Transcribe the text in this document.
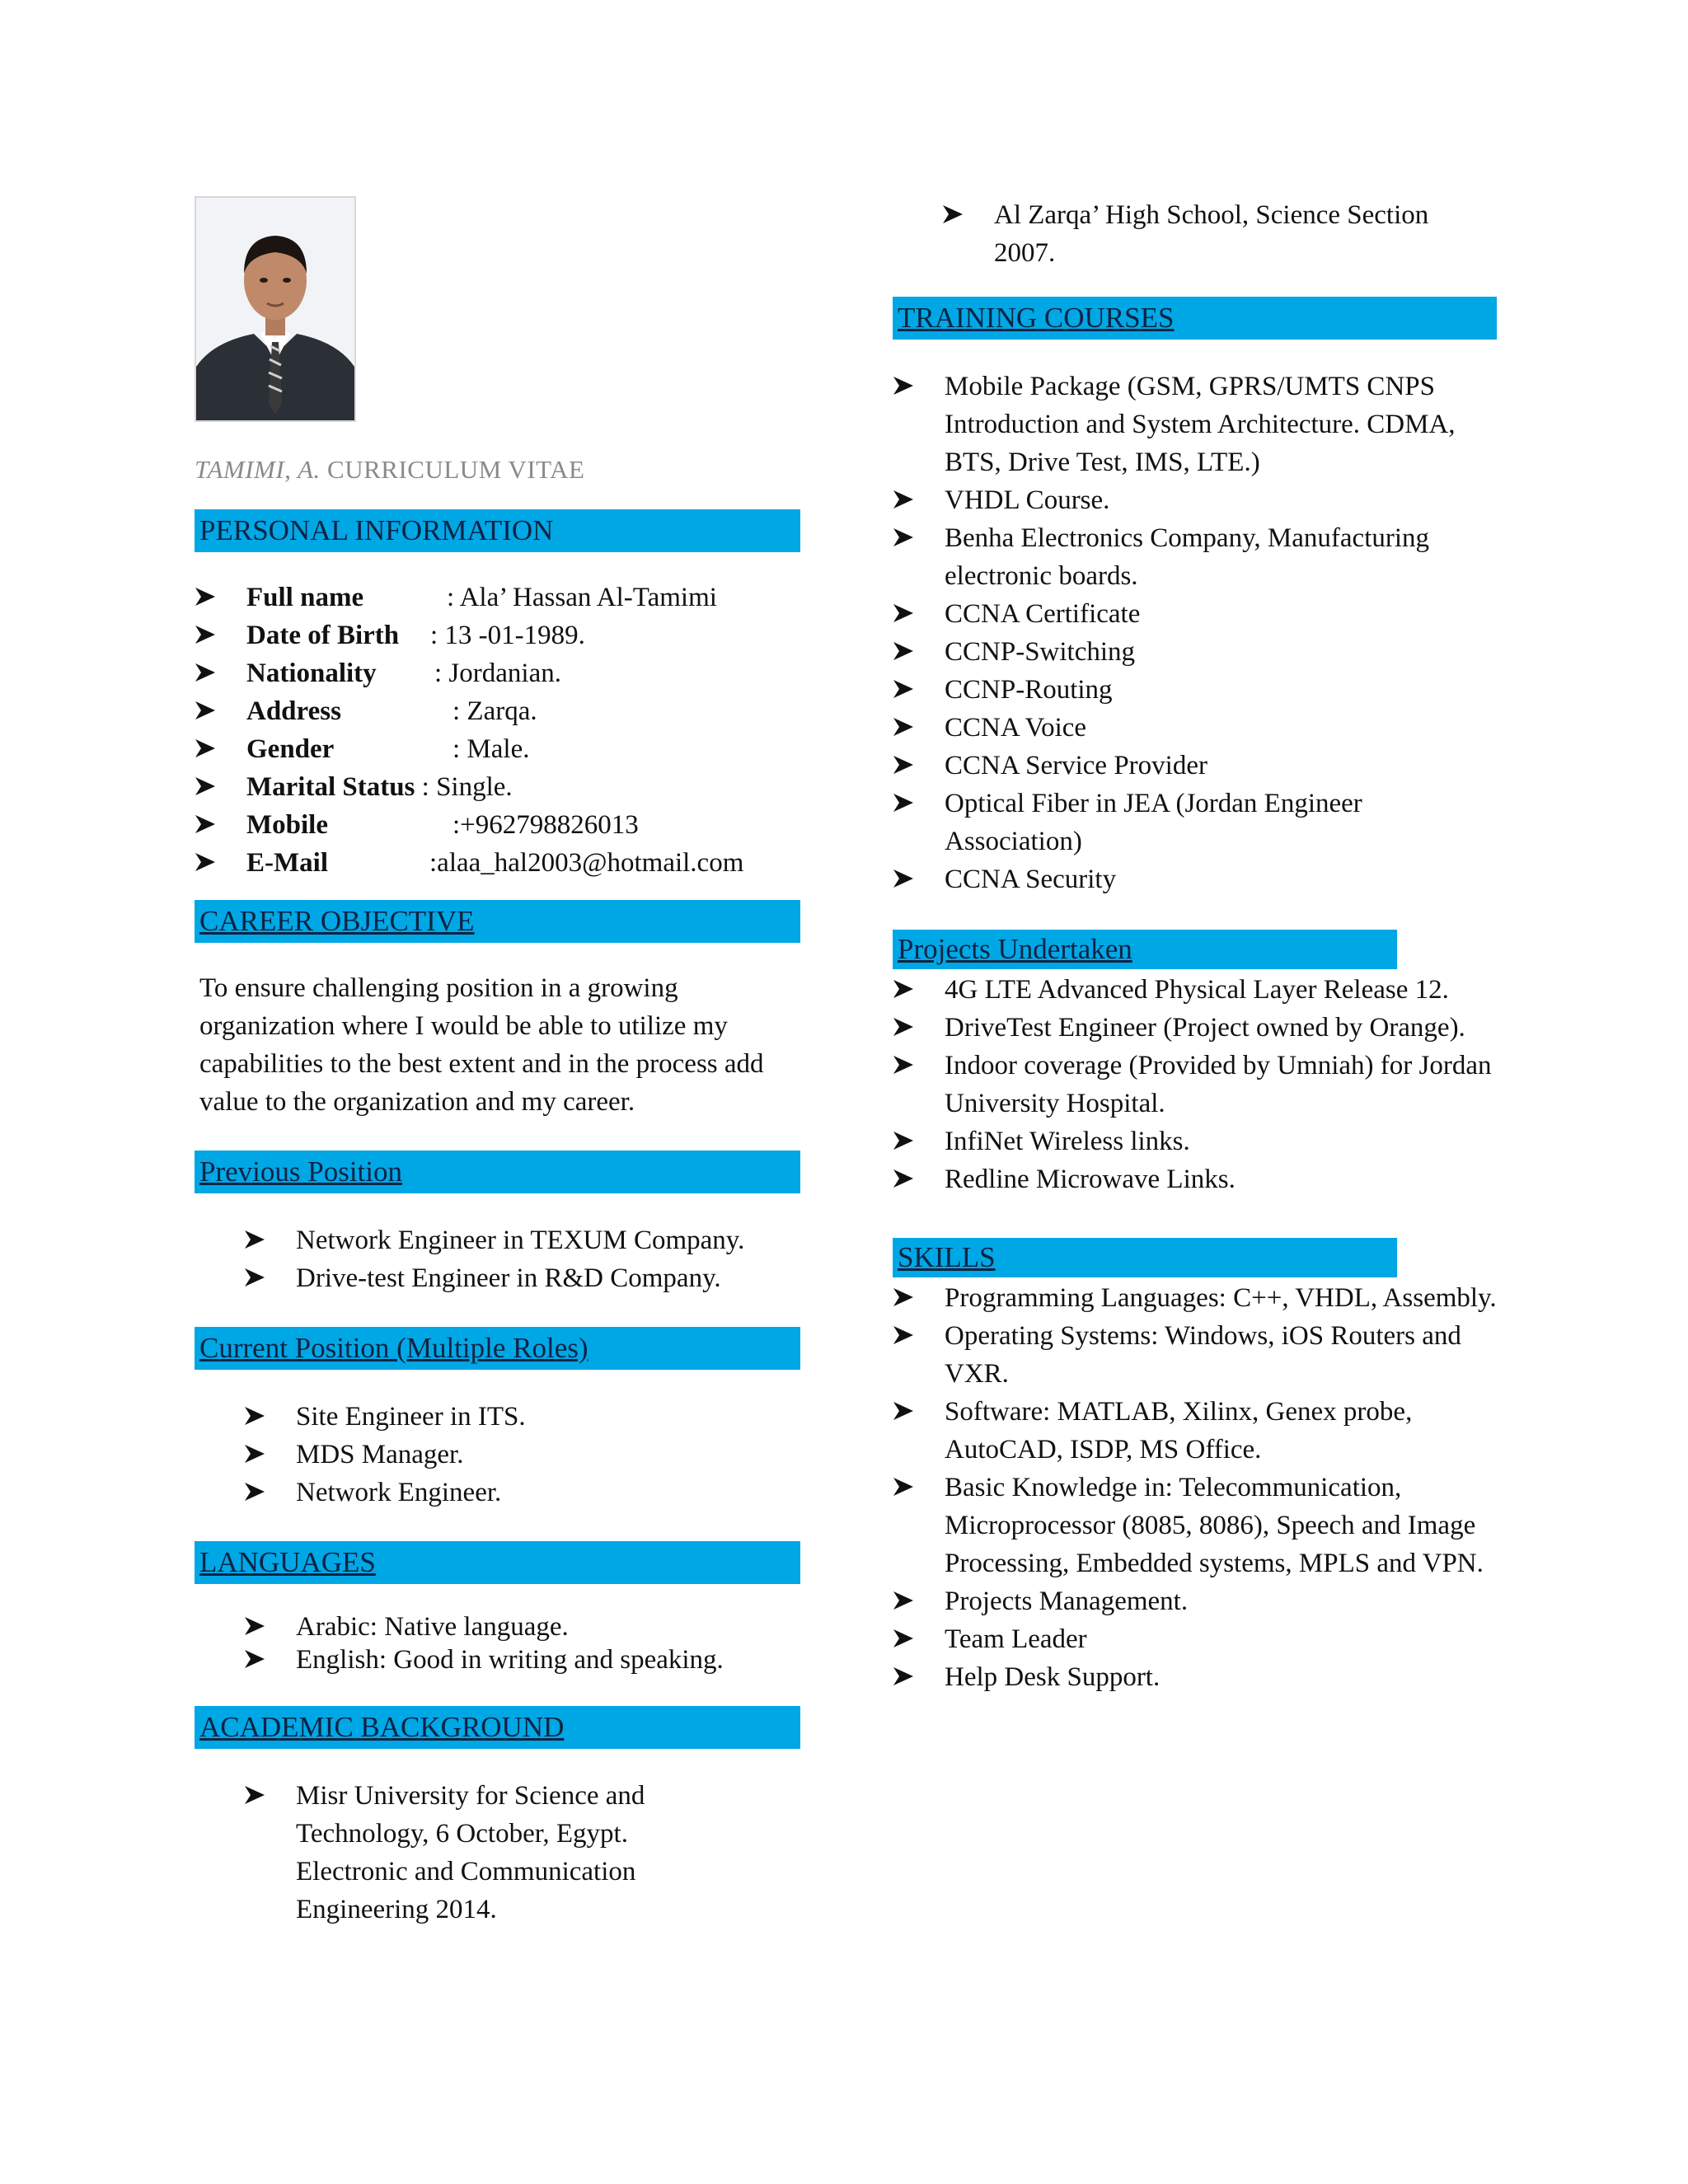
TAMIMI, A. CURRICULUM VITAE
PERSONAL INFORMATION
Full name	: Ala’ Hassan Al-Tamimi
Date of Birth : 13 -01-1989.
Nationality : Jordanian.
Address	: Zarqa.
Gender	: Male.
Marital Status : Single.
Mobile	:+962798826013
E-Mail	:alaa_hal2003@hotmail.com
CAREER OBJECTIVE
To ensure challenging position in a growing organization where I would be able to utilize my capabilities to the best extent and in the process add value to the organization and my career.
Previous Position
Network Engineer in TEXUM Company.
Drive-test Engineer in R&D Company.
Current Position (Multiple Roles)
Site Engineer in ITS.
MDS Manager.
Network Engineer.
LANGUAGES
Arabic: Native language.
English: Good in writing and speaking.
ACADEMIC BACKGROUND
Misr University for Science and Technology, 6 October, Egypt. Electronic and Communication Engineering 2014.
Al Zarqa’ High School, Science Section 2007.
TRAINING COURSES
Mobile Package (GSM, GPRS/UMTS CNPS Introduction and System Architecture. CDMA, BTS, Drive Test, IMS, LTE.)
VHDL Course.
Benha Electronics Company, Manufacturing electronic boards.
CCNA Certificate
CCNP-Switching
CCNP-Routing
CCNA Voice
CCNA Service Provider
Optical Fiber in JEA (Jordan Engineer Association)
CCNA Security
Projects Undertaken
4G LTE Advanced Physical Layer Release 12.
DriveTest Engineer (Project owned by Orange).
Indoor coverage (Provided by Umniah) for Jordan University Hospital.
InfiNet Wireless links.
Redline Microwave Links.
SKILLS
Programming Languages: C++, VHDL, Assembly.
Operating Systems: Windows, iOS Routers and VXR.
Software: MATLAB, Xilinx, Genex probe, AutoCAD, ISDP, MS Office.
Basic Knowledge in: Telecommunication, Microprocessor (8085, 8086), Speech and Image Processing, Embedded systems, MPLS and VPN.
Projects Management.
Team Leader
Help Desk Support.
